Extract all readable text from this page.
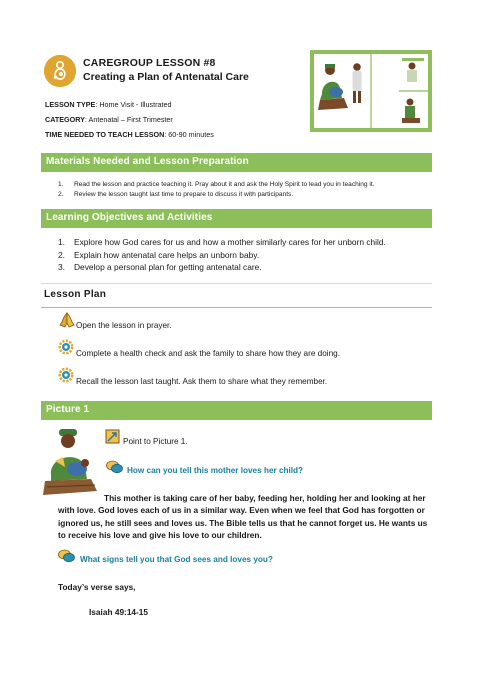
CAREGROUP LESSON #8
Creating a Plan of Antenatal Care
LESSON TYPE: Home Visit - Illustrated
CATEGORY: Antenatal – First Trimester
TIME NEEDED TO TEACH LESSON: 60-90 minutes
Materials Needed and Lesson Preparation
1. Read the lesson and practice teaching it. Pray about it and ask the Holy Spirit to lead you in teaching it.
2. Review the lesson taught last time to prepare to discuss it with participants.
Learning Objectives and Activities
1. Explore how God cares for us and how a mother similarly cares for her unborn child.
2. Explain how antenatal care helps an unborn baby.
3. Develop a personal plan for getting antenatal care.
Lesson Plan
Open the lesson in prayer.
Complete a health check and ask the family to share how they are doing.
Recall the lesson last taught. Ask them to share what they remember.
Picture 1
Point to Picture 1.
How can you tell this mother loves her child?
This mother is taking care of her baby, feeding her, holding her and looking at her with love. God loves each of us in a similar way. Even when we feel that God has forgotten or ignored us, he still sees and loves us. The Bible tells us that he cannot forget us. He wants us to receive his love and give his love to our children.
What signs tell you that God sees and loves you?
Today’s verse says,
Isaiah 49:14-15
